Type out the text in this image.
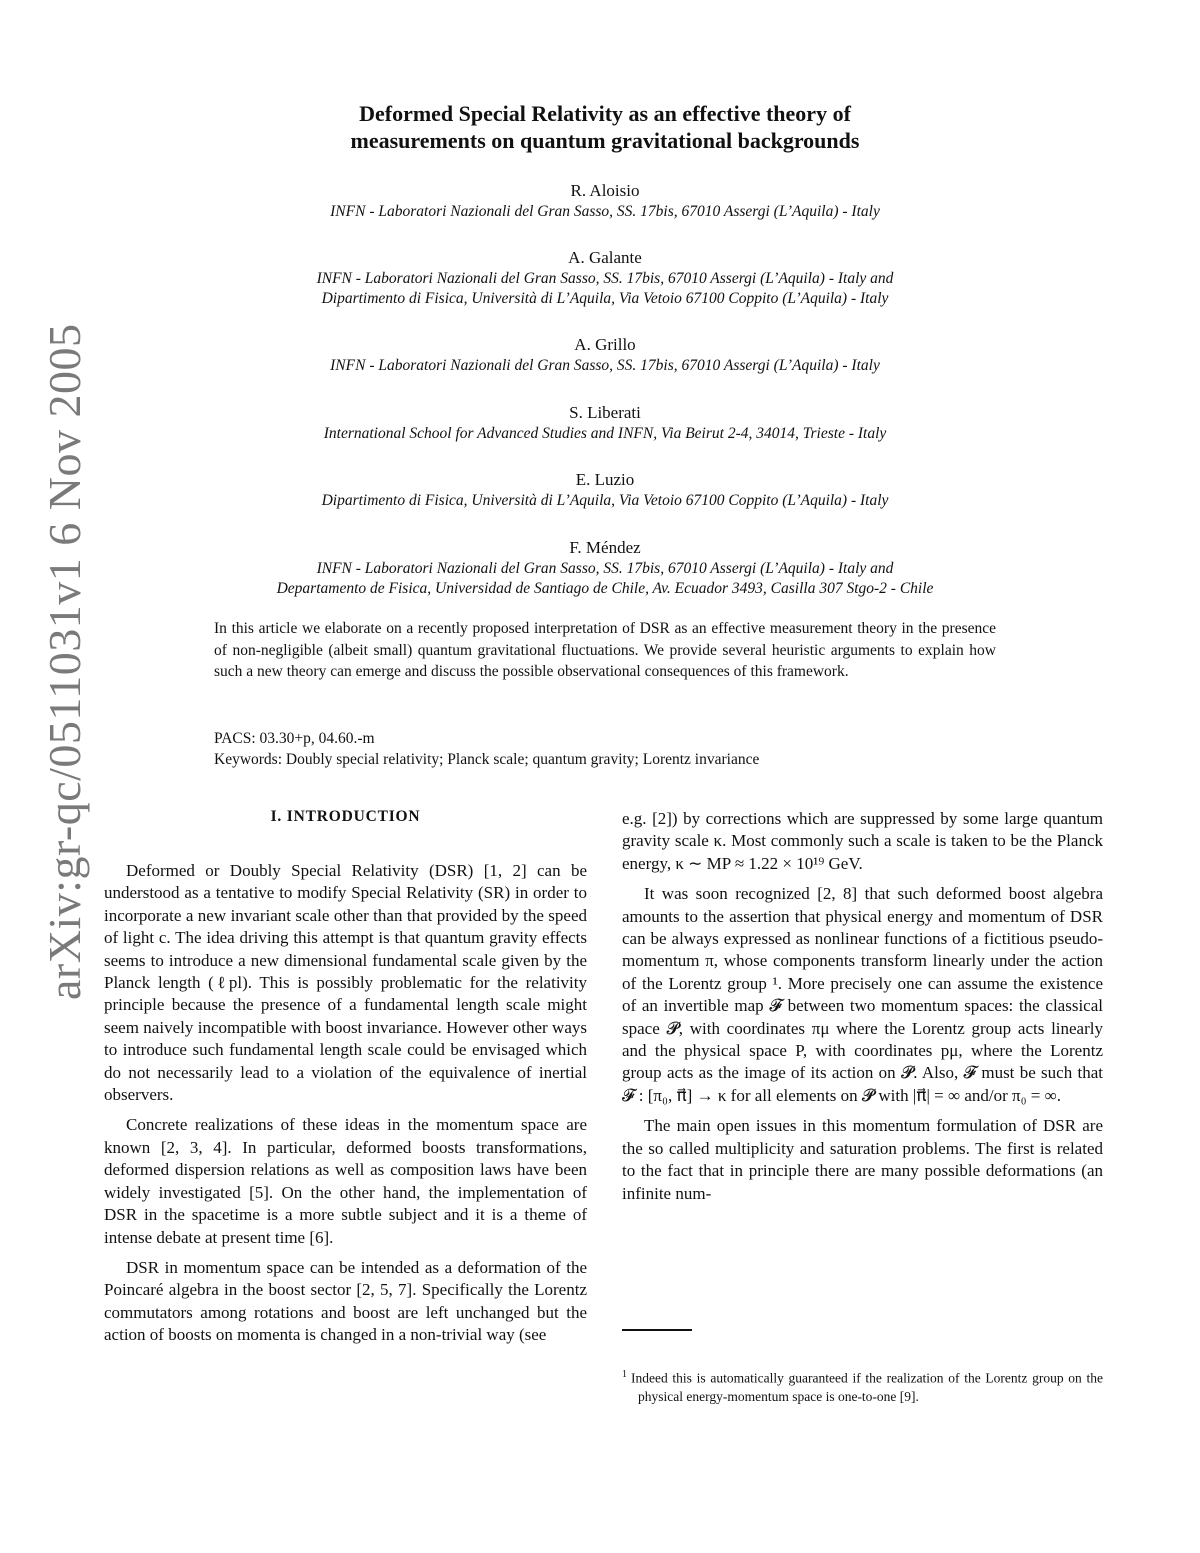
arXiv:gr-qc/0511031v1 6 Nov 2005
Deformed Special Relativity as an effective theory of
measurements on quantum gravitational backgrounds
R. Aloisio
INFN - Laboratori Nazionali del Gran Sasso, SS. 17bis, 67010 Assergi (L’Aquila) - Italy
A. Galante
INFN - Laboratori Nazionali del Gran Sasso, SS. 17bis, 67010 Assergi (L’Aquila) - Italy and
Dipartimento di Fisica, Università di L’Aquila, Via Vetoio 67100 Coppito (L’Aquila) - Italy
A. Grillo
INFN - Laboratori Nazionali del Gran Sasso, SS. 17bis, 67010 Assergi (L’Aquila) - Italy
S. Liberati
International School for Advanced Studies and INFN, Via Beirut 2-4, 34014, Trieste - Italy
E. Luzio
Dipartimento di Fisica, Università di L’Aquila, Via Vetoio 67100 Coppito (L’Aquila) - Italy
F. Méndez
INFN - Laboratori Nazionali del Gran Sasso, SS. 17bis, 67010 Assergi (L’Aquila) - Italy and
Departamento de Fisica, Universidad de Santiago de Chile, Av. Ecuador 3493, Casilla 307 Stgo-2 - Chile
In this article we elaborate on a recently proposed interpretation of DSR as an effective measurement theory in the presence of non-negligible (albeit small) quantum gravitational fluctuations. We provide several heuristic arguments to explain how such a new theory can emerge and discuss the possible observational consequences of this framework.
PACS: 03.30+p, 04.60.-m
Keywords: Doubly special relativity; Planck scale; quantum gravity; Lorentz invariance
I. INTRODUCTION

Deformed or Doubly Special Relativity (DSR) [1, 2] can be understood as a tentative to modify Special Relativity (SR) in order to incorporate a new invariant scale other than that provided by the speed of light c. The idea driving this attempt is that quantum gravity effects seems to introduce a new dimensional fundamental scale given by the Planck length (ℓpl). This is possibly problematic for the relativity principle because the presence of a fundamental length scale might seem naively incompatible with boost invariance. However other ways to introduce such fundamental length scale could be envisaged which do not necessarily lead to a violation of the equivalence of inertial observers.

Concrete realizations of these ideas in the momentum space are known [2, 3, 4]. In particular, deformed boosts transformations, deformed dispersion relations as well as composition laws have been widely investigated [5]. On the other hand, the implementation of DSR in the spacetime is a more subtle subject and it is a theme of intense debate at present time [6].

DSR in momentum space can be intended as a deformation of the Poincaré algebra in the boost sector [2, 5, 7]. Specifically the Lorentz commutators among rotations and boost are left unchanged but the action of boosts on momenta is changed in a non-trivial way (see

e.g. [2]) by corrections which are suppressed by some large quantum gravity scale κ. Most commonly such a scale is taken to be the Planck energy, κ ∼ MP ≈ 1.22 × 10¹⁹ GeV.

It was soon recognized [2, 8] that such deformed boost algebra amounts to the assertion that physical energy and momentum of DSR can be always expressed as nonlinear functions of a fictitious pseudo-momentum π, whose components transform linearly under the action of the Lorentz group ¹. More precisely one can assume the existence of an invertible map 𝓕 between two momentum spaces: the classical space 𝓟, with coordinates πμ where the Lorentz group acts linearly and the physical space P, with coordinates pμ, where the Lorentz group acts as the image of its action on 𝓟. Also, 𝓕 must be such that 𝓕 : [π₀, π⃗] → κ for all elements on 𝓟 with |π⃗| = ∞ and/or π₀ = ∞.

The main open issues in this momentum formulation of DSR are the so called multiplicity and saturation problems. The first is related to the fact that in principle there are many possible deformations (an infinite num-

$^1$ Indeed this is automatically guaranteed if the realization of the Lorentz group on the physical energy-momentum space is one-to-one [9].
